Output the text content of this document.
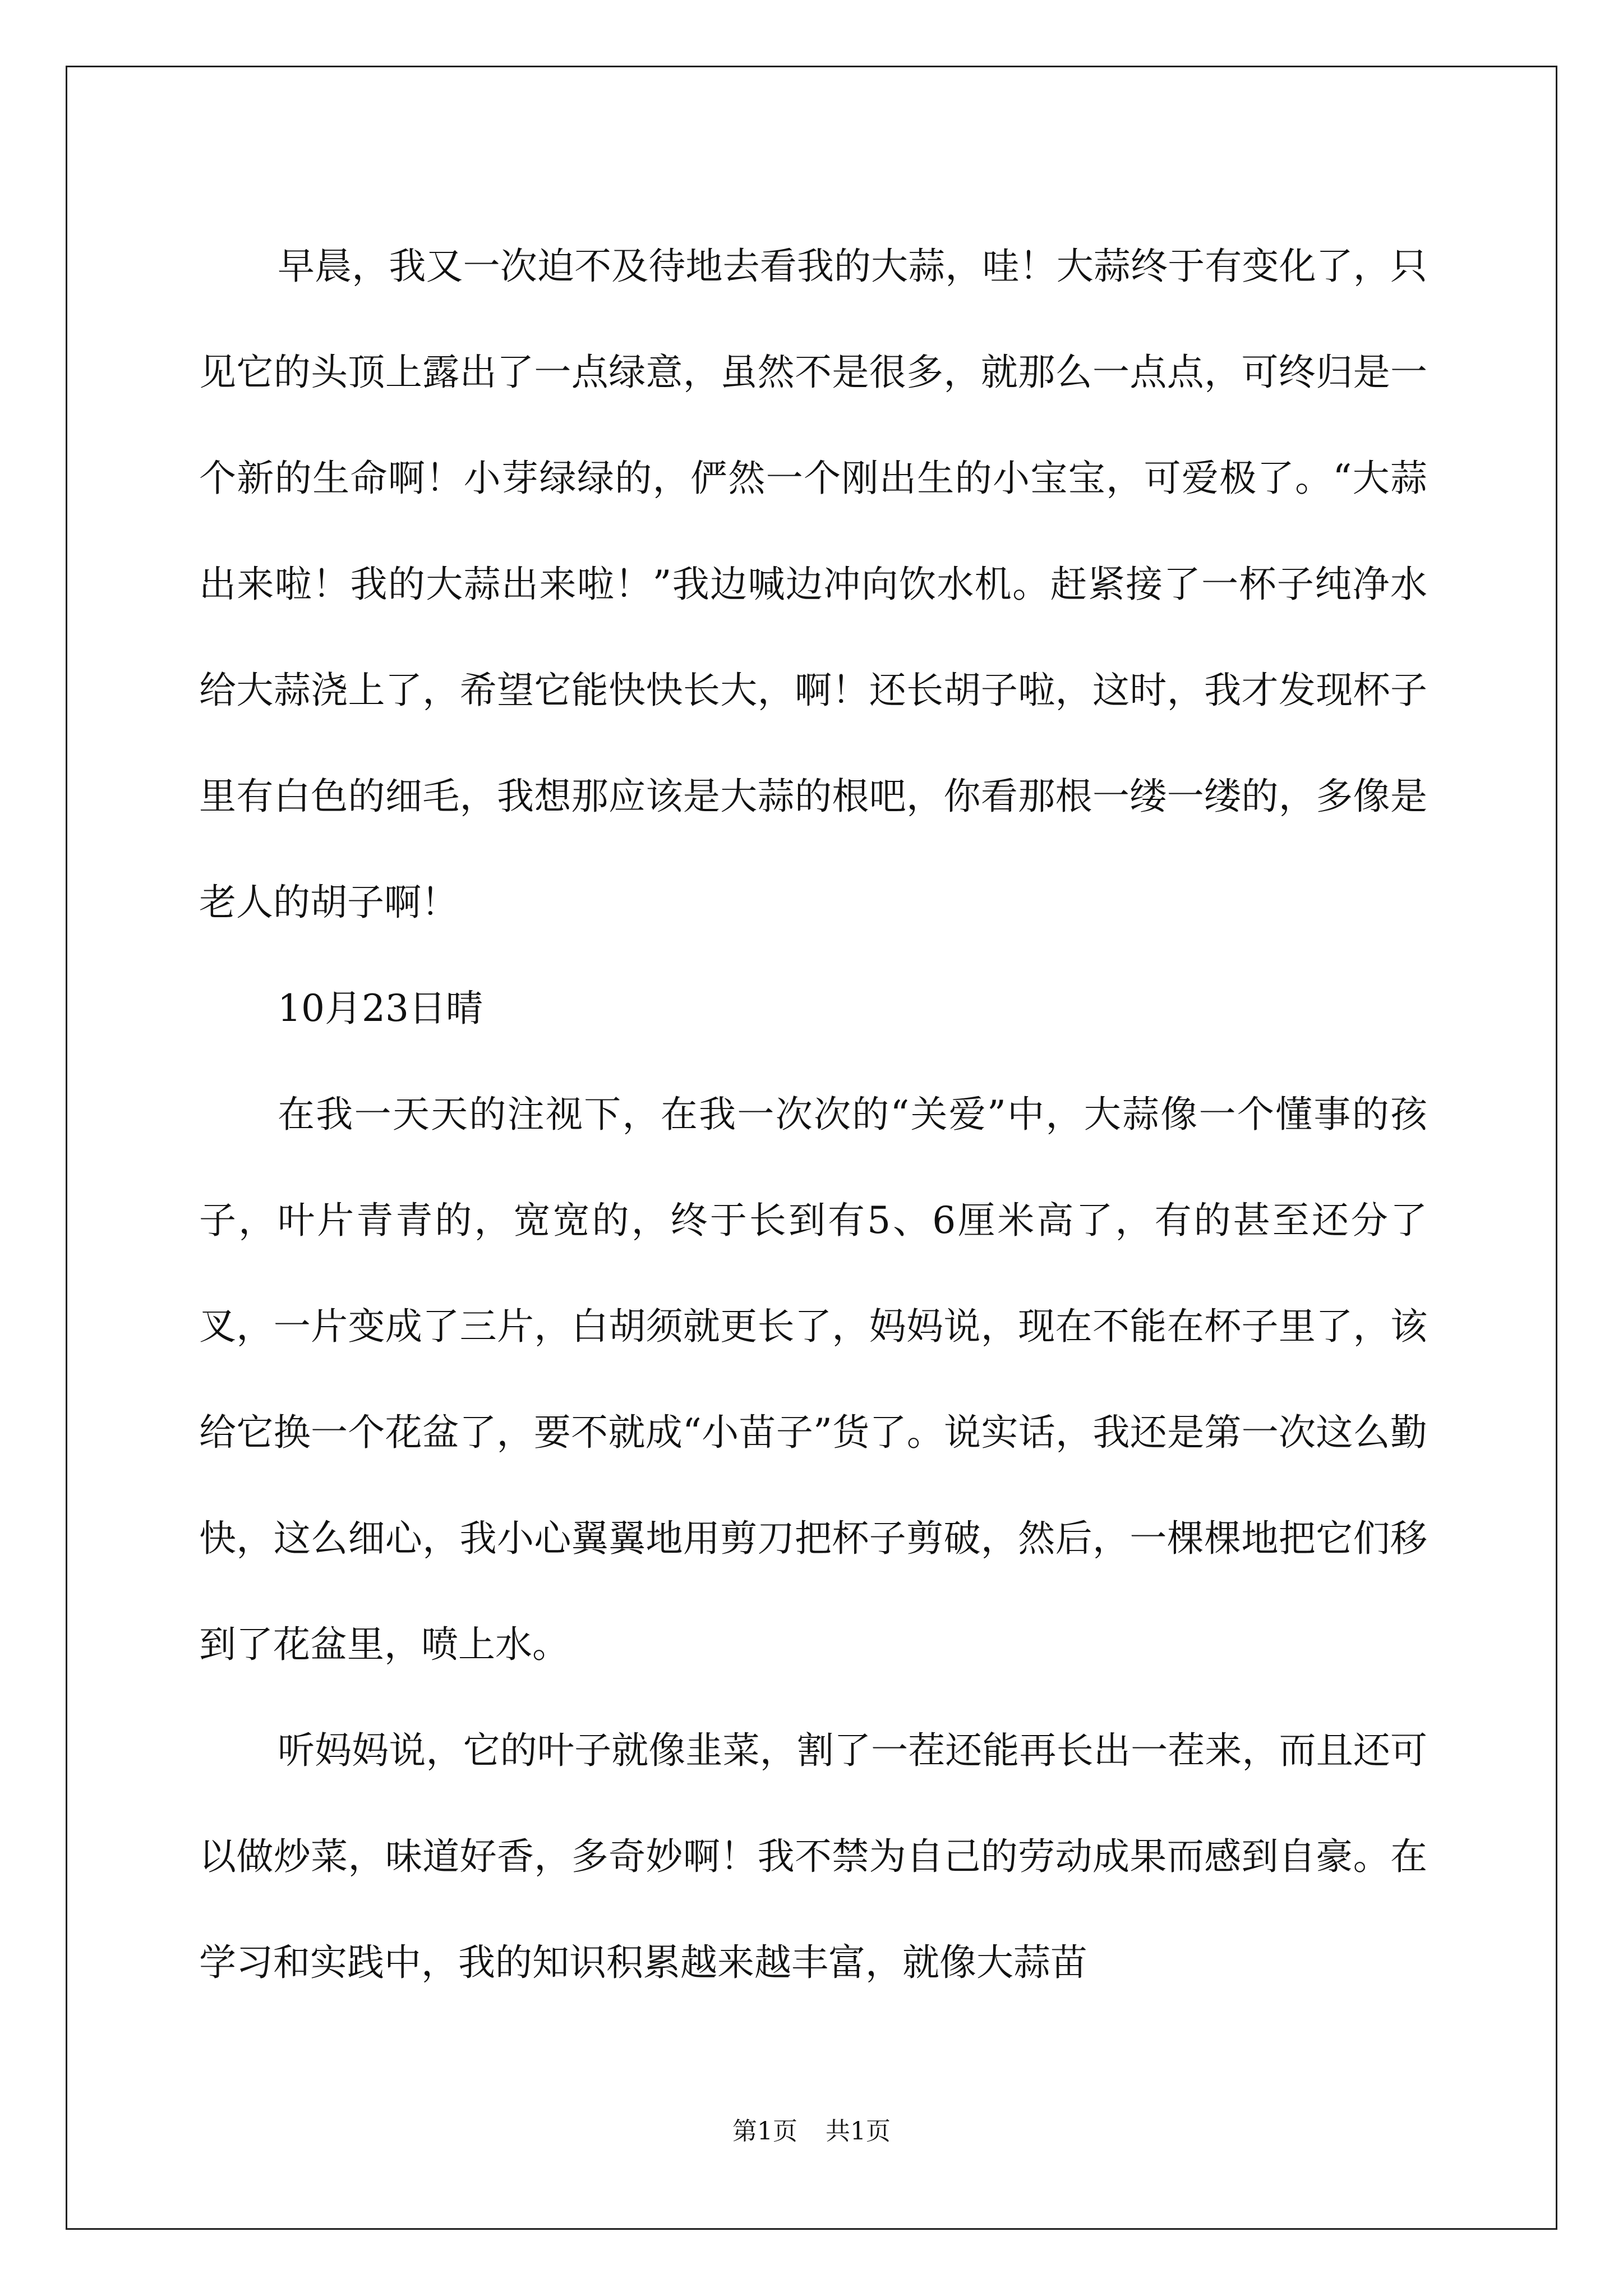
早晨，我又一次迫不及待地去看我的大蒜，哇！大蒜终于有变化了，只见它的头顶上露出了一点绿意，虽然不是很多，就那么一点点，可终归是一个新的生命啊！小芽绿绿的，俨然一个刚出生的小宝宝，可爱极了。“大蒜出来啦！我的大蒜出来啦！”我边喊边冲向饮水机。赶紧接了一杯子纯净水给大蒜浇上了，希望它能快快长大，啊！还长胡子啦，这时，我才发现杯子里有白色的细毛，我想那应该是大蒜的根吧，你看那根一缕一缕的，多像是老人的胡子啊！

10月23日晴

在我一天天的注视下，在我一次次的“关爱”中，大蒜像一个懂事的孩子，叶片青青的，宽宽的，终于长到有5、6厘米高了，有的甚至还分了叉，一片变成了三片，白胡须就更长了，妈妈说，现在不能在杯子里了，该给它换一个花盆了，要不就成“小苗子”货了。说实话，我还是第一次这么勤快，这么细心，我小心翼翼地用剪刀把杯子剪破，然后，一棵棵地把它们移到了花盆里，喷上水。

听妈妈说，它的叶子就像韭菜，割了一茬还能再长出一茬来，而且还可以做炒菜，味道好香，多奇妙啊！我不禁为自己的劳动成果而感到自豪。在学习和实践中，我的知识积累越来越丰富，就像大蒜苗

第1页 共1页
